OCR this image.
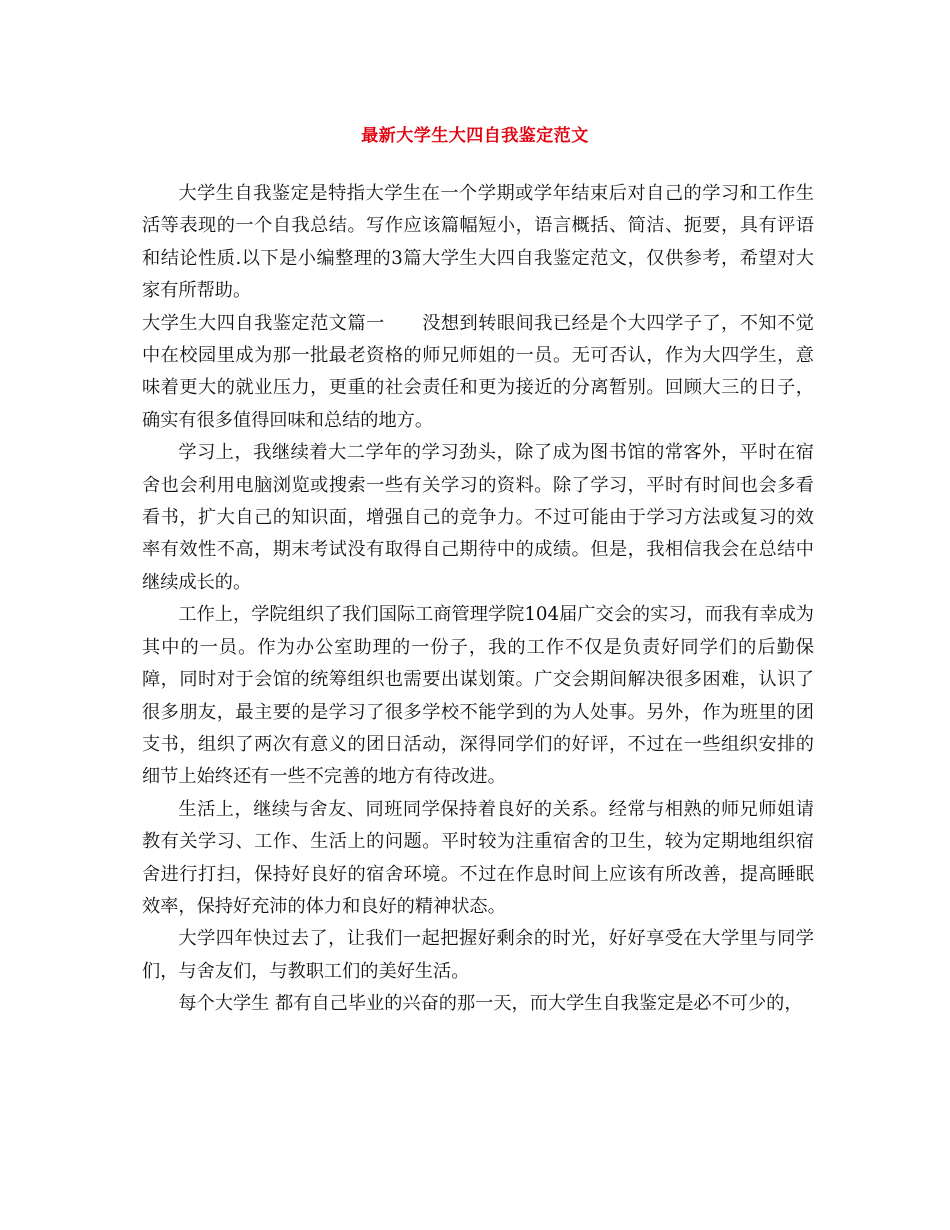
最新大学生大四自我鉴定范文

大学生自我鉴定是特指大学生在一个学期或学年结束后对自己的学习和工作生活等表现的一个自我总结。写作应该篇幅短小，语言概括、简洁、扼要，具有评语和结论性质.以下是小编整理的3篇大学生大四自我鉴定范文，仅供参考，希望对大家有所帮助。

大学生大四自我鉴定范文篇一　　 没想到转眼间我已经是个大四学子了，不知不觉中在校园里成为那一批最老资格的师兄师姐的一员。无可否认，作为大四学生，意味着更大的就业压力，更重的社会责任和更为接近的分离暂别。回顾大三的日子，确实有很多值得回味和总结的地方。

学习上，我继续着大二学年的学习劲头，除了成为图书馆的常客外，平时在宿舍也会利用电脑浏览或搜索一些有关学习的资料。除了学习，平时有时间也会多看看书，扩大自己的知识面，增强自己的竞争力。不过可能由于学习方法或复习的效率有效性不高，期末考试没有取得自己期待中的成绩。但是，我相信我会在总结中继续成长的。

工作上，学院组织了我们国际工商管理学院104届广交会的实习，而我有幸成为其中的一员。作为办公室助理的一份子，我的工作不仅是负责好同学们的后勤保障，同时对于会馆的统筹组织也需要出谋划策。广交会期间解决很多困难，认识了很多朋友，最主要的是学习了很多学校不能学到的为人处事。另外，作为班里的团支书，组织了两次有意义的团日活动，深得同学们的好评，不过在一些组织安排的细节上始终还有一些不完善的地方有待改进。

生活上，继续与舍友、同班同学保持着良好的关系。经常与相熟的师兄师姐请教有关学习、工作、生活上的问题。平时较为注重宿舍的卫生，较为定期地组织宿舍进行打扫，保持好良好的宿舍环境。不过在作息时间上应该有所改善，提高睡眠效率，保持好充沛的体力和良好的精神状态。

大学四年快过去了，让我们一起把握好剩余的时光，好好享受在大学里与同学们，与舍友们，与教职工们的美好生活。

每个大学生 都有自己毕业的兴奋的那一天，而大学生自我鉴定是必不可少的，
